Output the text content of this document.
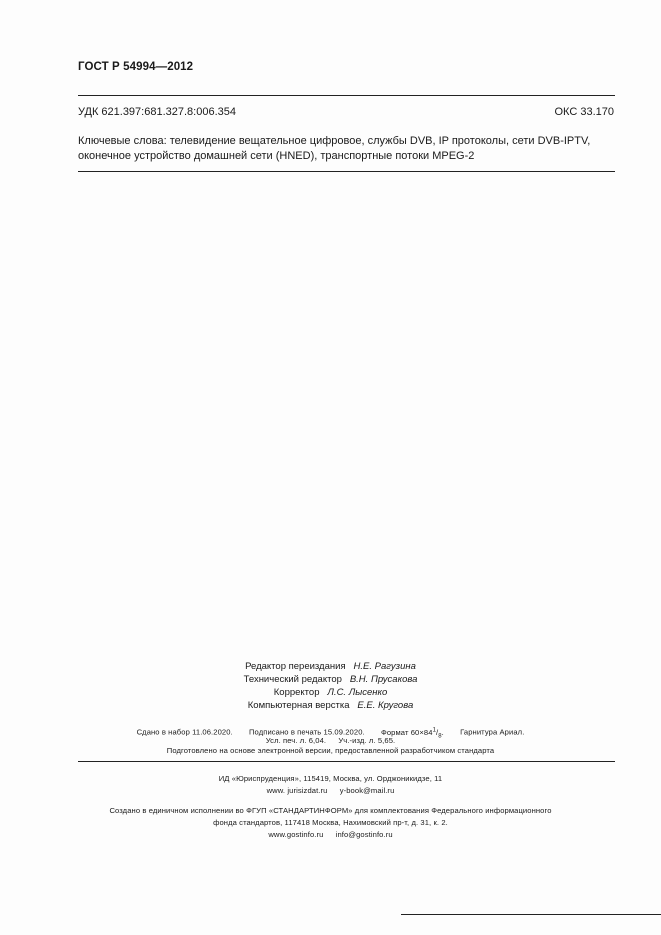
ГОСТ Р 54994—2012
УДК 621.397:681.327.8:006.354	ОКС 33.170
Ключевые слова: телевидение вещательное цифровое, службы DVB, IP протоколы, сети DVB-IPTV,
оконечное устройство домашней сети (HNED), транспортные потоки MPEG-2
Редактор переиздания Н.Е. Рагузина
Технический редактор В.Н. Прусакова
Корректор Л.С. Лысенко
Компьютерная верстка Е.Е. Кругова
Сдано в набор 11.06.2020. Подписано в печать 15.09.2020. Формат $60\times 84^1/_8$. Гарнитура Ариал.
Усл. печ. л. 6,04. Уч.-изд. л. 5,65.
Подготовлено на основе электронной версии, предоставленной разработчиком стандарта
ИД «Юриспруденция», 115419, Москва, ул. Орджоникидзе, 11
www. jurisizdat.ru y-book@mail.ru
Создано в единичном исполнении во ФГУП «СТАНДАРТИНФОРМ» для комплектования Федерального информационного
фонда стандартов, 117418 Москва, Нахимовский пр-т, д. 31, к. 2.
www.gostinfo.ru info@gostinfo.ru
